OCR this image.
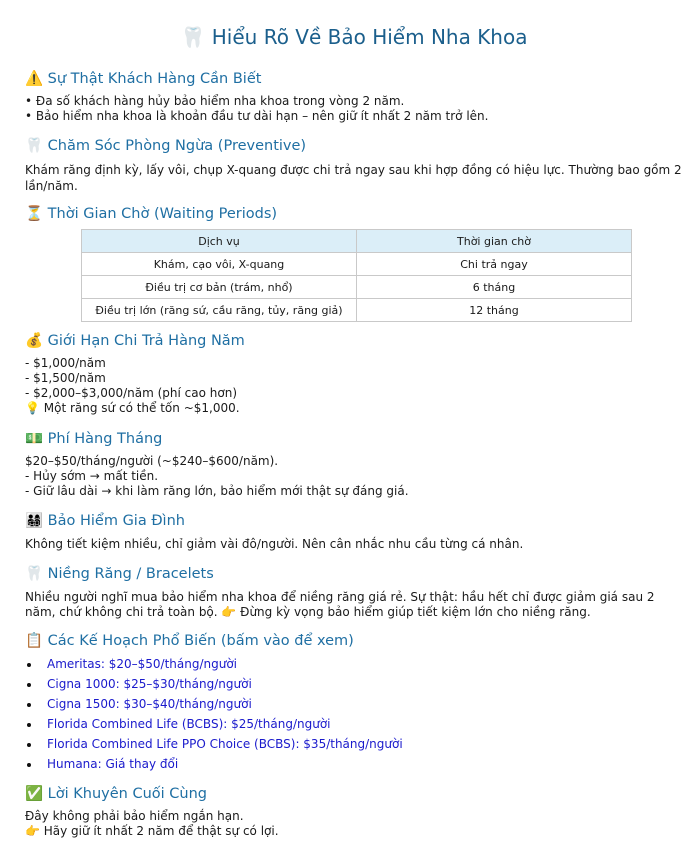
🦷 Hiểu Rõ Về Bảo Hiểm Nha Khoa
⚠️ Sự Thật Khách Hàng Cần Biết
• Đa số khách hàng hủy bảo hiểm nha khoa trong vòng 2 năm.
• Bảo hiểm nha khoa là khoản đầu tư dài hạn – nên giữ ít nhất 2 năm trở lên.
🦷 Chăm Sóc Phòng Ngừa (Preventive)

Khám răng định kỳ, lấy vôi, chụp X-quang được chi trả ngay sau khi hợp đồng có hiệu lực. Thường bao gồm 2 lần/năm.

⏳ Thời Gian Chờ (Waiting Periods)
Dịch vụ	Thời gian chờ
Khám, cạo vôi, X-quang	Chi trả ngay
Điều trị cơ bản (trám, nhổ)	6 tháng
Điều trị lớn (răng sứ, cầu răng, tủy, răng giả)	12 tháng
💰 Giới Hạn Chi Trả Hàng Năm
- $1,000/năm
- $1,500/năm
- $2,000–$3,000/năm (phí cao hơn)
💡 Một răng sứ có thể tốn ~$1,000.
💵 Phí Hàng Tháng
$20–$50/tháng/người (~$240–$600/năm).
- Hủy sớm → mất tiền.
- Giữ lâu dài → khi làm răng lớn, bảo hiểm mới thật sự đáng giá.
👨‍👩‍👧‍👦 Bảo Hiểm Gia Đình

Không tiết kiệm nhiều, chỉ giảm vài đô/người. Nên cân nhắc nhu cầu từng cá nhân.

🦷 Niềng Răng / Bracelets

Nhiều người nghĩ mua bảo hiểm nha khoa để niềng răng giá rẻ. Sự thật: hầu hết chỉ được giảm giá sau 2 năm, chứ không chi trả toàn bộ. 👉 Đừng kỳ vọng bảo hiểm giúp tiết kiệm lớn cho niềng răng.

📋 Các Kế Hoạch Phổ Biến (bấm vào để xem)
Ameritas: $20–$50/tháng/người
Cigna 1000: $25–$30/tháng/người
Cigna 1500: $30–$40/tháng/người
Florida Combined Life (BCBS): $25/tháng/người
Florida Combined Life PPO Choice (BCBS): $35/tháng/người
Humana: Giá thay đổi
✅ Lời Khuyên Cuối Cùng
Đây không phải bảo hiểm ngắn hạn.
👉 Hãy giữ ít nhất 2 năm để thật sự có lợi.
